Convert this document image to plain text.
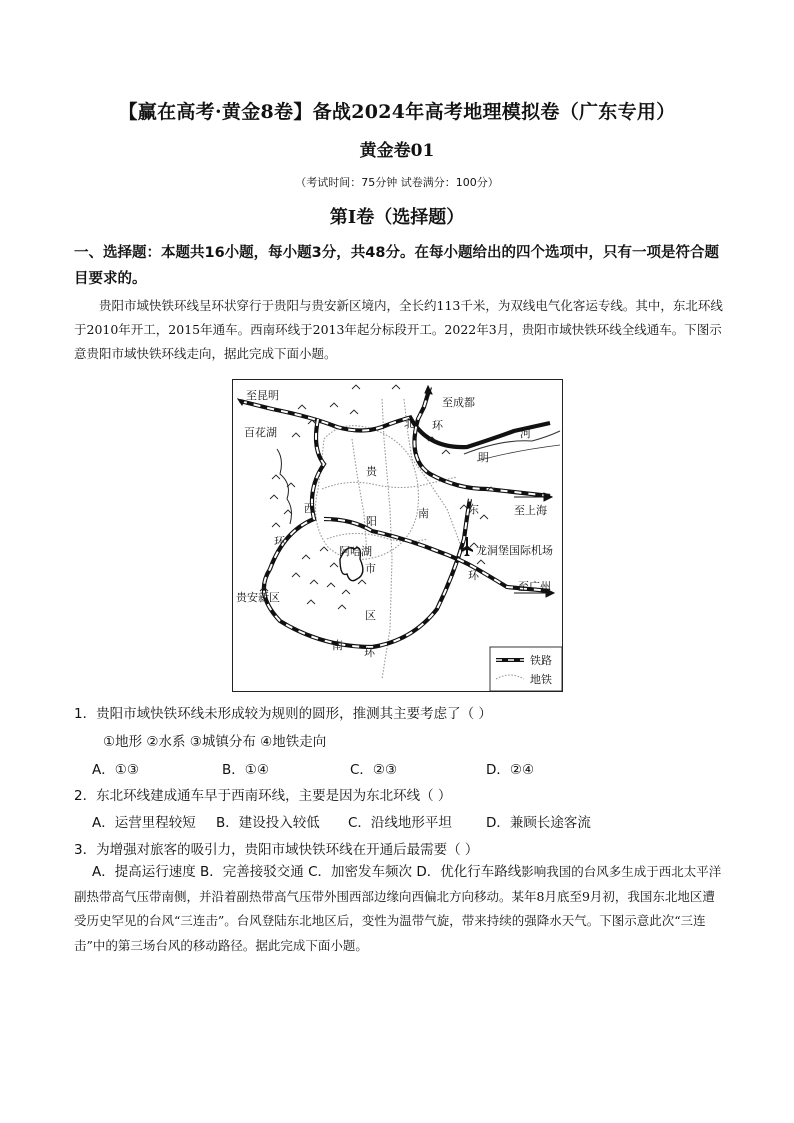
【赢在高考·黄金8卷】备战2024年高考地理模拟卷（广东专用）
黄金卷01
（考试时间：75分钟 试卷满分：100分）
第I卷（选择题）
一、选择题：本题共16小题，每小题3分，共48分。在每小题给出的四个选项中，只有一项是符合题目要求的。
贵阳市域快铁环线呈环状穿行于贵阳与贵安新区境内，全长约113千米，为双线电气化客运专线。其中，东北环线于2010年开工，2015年通车。西南环线于2013年起分标段开工。2022年3月，贵阳市域快铁环线全线通车。下图示意贵阳市域快铁环线走向，据此完成下面小题。
至昆明
至成都
河
百花湖
北 环
明
贵
西
阳
南	东	至上海
环
阿哈湖	龙洞堡国际机场
市
环
至广州
贵安新区
区
南
环
铁路
地铁
1．贵阳市域快铁环线未形成较为规则的圆形，推测其主要考虑了（ ）
①地形 ②水系 ③城镇分布 ④地铁走向
A．①③	B．①④	C．②③	D．②④
2．东北环线建成通车早于西南环线，主要是因为东北环线（ ）
A．运营里程较短 B．建设投入较低 C．沿线地形平坦	D．兼顾长途客流
3．为增强对旅客的吸引力，贵阳市域快铁环线在开通后最需要（ ）
A．提高运行速度 B．完善接驳交通 C．加密发车频次 D．优化行车路线影响我国的台风多生成于西北太平洋副热带高气压带南侧，并沿着副热带高气压带外围西部边缘向西偏北方向移动。某年8月底至9月初，我国东北地区遭受历史罕见的台风“三连击”。台风登陆东北地区后，变性为温带气旋，带来持续的强降水天气。下图示意此次“三连击”中的第三场台风的移动路径。据此完成下面小题。
